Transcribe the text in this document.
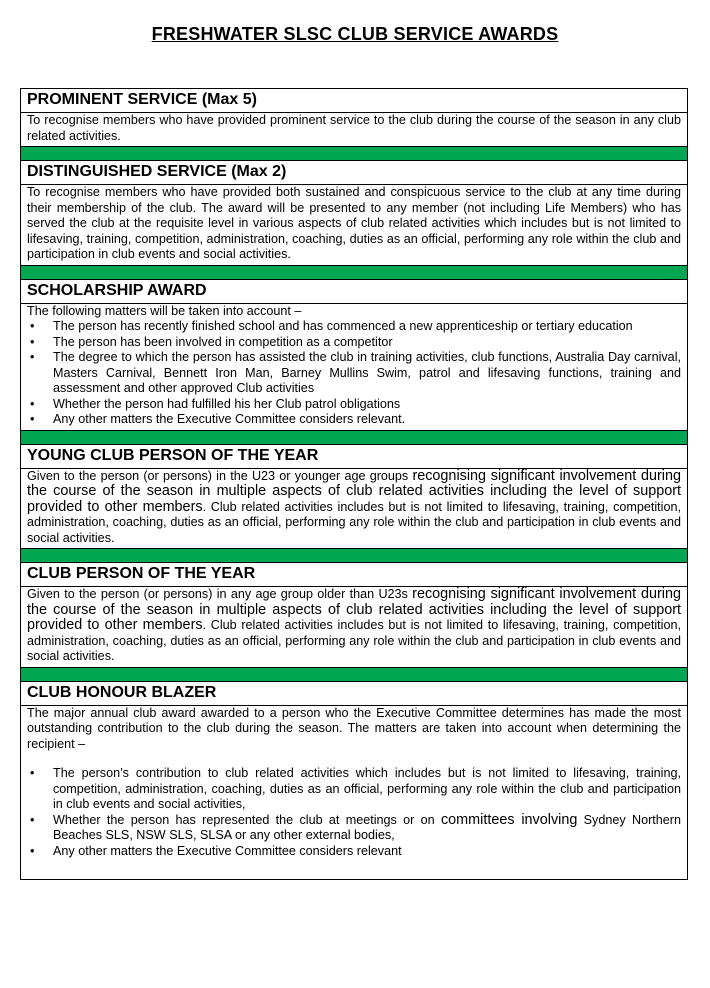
FRESHWATER SLSC CLUB SERVICE AWARDS
PROMINENT SERVICE (Max 5)

To recognise members who have provided prominent service to the club during the course of the season in any club related activities.

DISTINGUISHED SERVICE (Max 2)

To recognise members who have provided both sustained and conspicuous service to the club at any time during their membership of the club. The award will be presented to any member (not including Life Members) who has served the club at the requisite level in various aspects of club related activities which includes but is not limited to lifesaving, training, competition, administration, coaching, duties as an official, performing any role within the club and participation in club events and social activities.

SCHOLARSHIP AWARD

The following matters will be taken into account –

• The person has recently finished school and has commenced a new apprenticeship or tertiary education
• The person has been involved in competition as a competitor
• The degree to which the person has assisted the club in training activities, club functions, Australia Day carnival, Masters Carnival, Bennett Iron Man, Barney Mullins Swim, patrol and lifesaving functions, training and assessment and other approved Club activities
• Whether the person had fulfilled his her Club patrol obligations
• Any other matters the Executive Committee considers relevant.

YOUNG CLUB PERSON OF THE YEAR

Given to the person (or persons) in the U23 or younger age groups recognising significant involvement during the course of the season in multiple aspects of club related activities including the level of support provided to other members. Club related activities includes but is not limited to lifesaving, training, competition, administration, coaching, duties as an official, performing any role within the club and participation in club events and social activities.

CLUB PERSON OF THE YEAR

Given to the person (or persons) in any age group older than U23s recognising significant involvement during the course of the season in multiple aspects of club related activities including the level of support provided to other members. Club related activities includes but is not limited to lifesaving, training, competition, administration, coaching, duties as an official, performing any role within the club and participation in club events and social activities.

CLUB HONOUR BLAZER

The major annual club award awarded to a person who the Executive Committee determines has made the most outstanding contribution to the club during the season. The matters are taken into account when determining the recipient –

• The person’s contribution to club related activities which includes but is not limited to lifesaving, training, competition, administration, coaching, duties as an official, performing any role within the club and participation in club events and social activities,
• Whether the person has represented the club at meetings or on committees involving Sydney Northern Beaches SLS, NSW SLS, SLSA or any other external bodies,
• Any other matters the Executive Committee considers relevant
